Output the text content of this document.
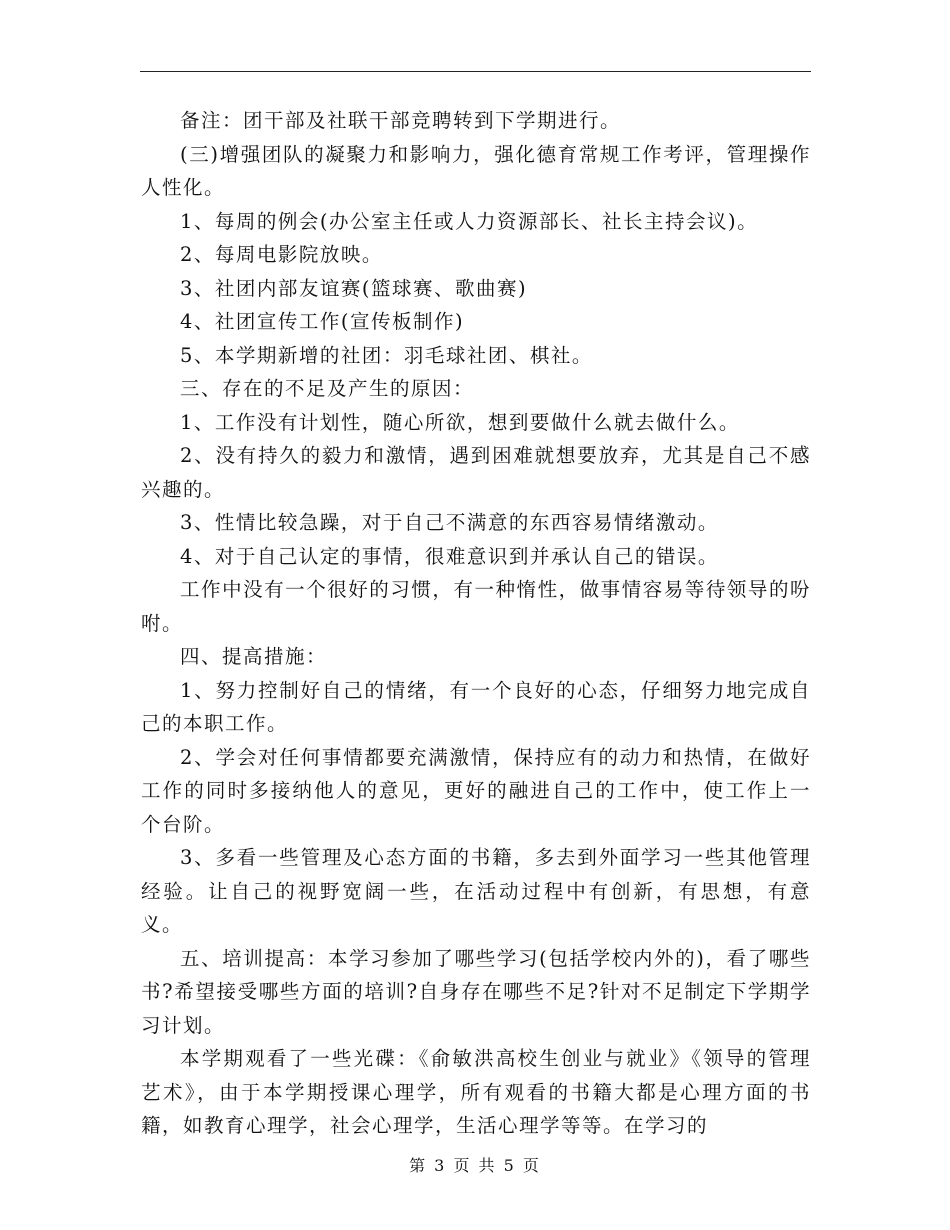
备注：团干部及社联干部竞聘转到下学期进行。

(三)增强团队的凝聚力和影响力，强化德育常规工作考评，管理操作人性化。

1、每周的例会(办公室主任或人力资源部长、社长主持会议)。

2、每周电影院放映。

3、社团内部友谊赛(篮球赛、歌曲赛)

4、社团宣传工作(宣传板制作)

5、本学期新增的社团：羽毛球社团、棋社。

三、存在的不足及产生的原因：

1、工作没有计划性，随心所欲，想到要做什么就去做什么。

2、没有持久的毅力和激情，遇到困难就想要放弃，尤其是自己不感兴趣的。

3、性情比较急躁，对于自己不满意的东西容易情绪激动。

4、对于自己认定的事情，很难意识到并承认自己的错误。

工作中没有一个很好的习惯，有一种惰性，做事情容易等待领导的吩咐。

四、提高措施：

1、努力控制好自己的情绪，有一个良好的心态，仔细努力地完成自己的本职工作。

2、学会对任何事情都要充满激情，保持应有的动力和热情，在做好工作的同时多接纳他人的意见，更好的融进自己的工作中，使工作上一个台阶。

3、多看一些管理及心态方面的书籍，多去到外面学习一些其他管理经验。让自己的视野宽阔一些，在活动过程中有创新，有思想，有意义。

五、培训提高：本学习参加了哪些学习(包括学校内外的)，看了哪些书?希望接受哪些方面的培训?自身存在哪些不足?针对不足制定下学期学习计划。

本学期观看了一些光碟：《俞敏洪高校生创业与就业》《领导的管理艺术》，由于本学期授课心理学，所有观看的书籍大都是心理方面的书籍，如教育心理学，社会心理学，生活心理学等等。在学习的

第 3 页 共 5 页
